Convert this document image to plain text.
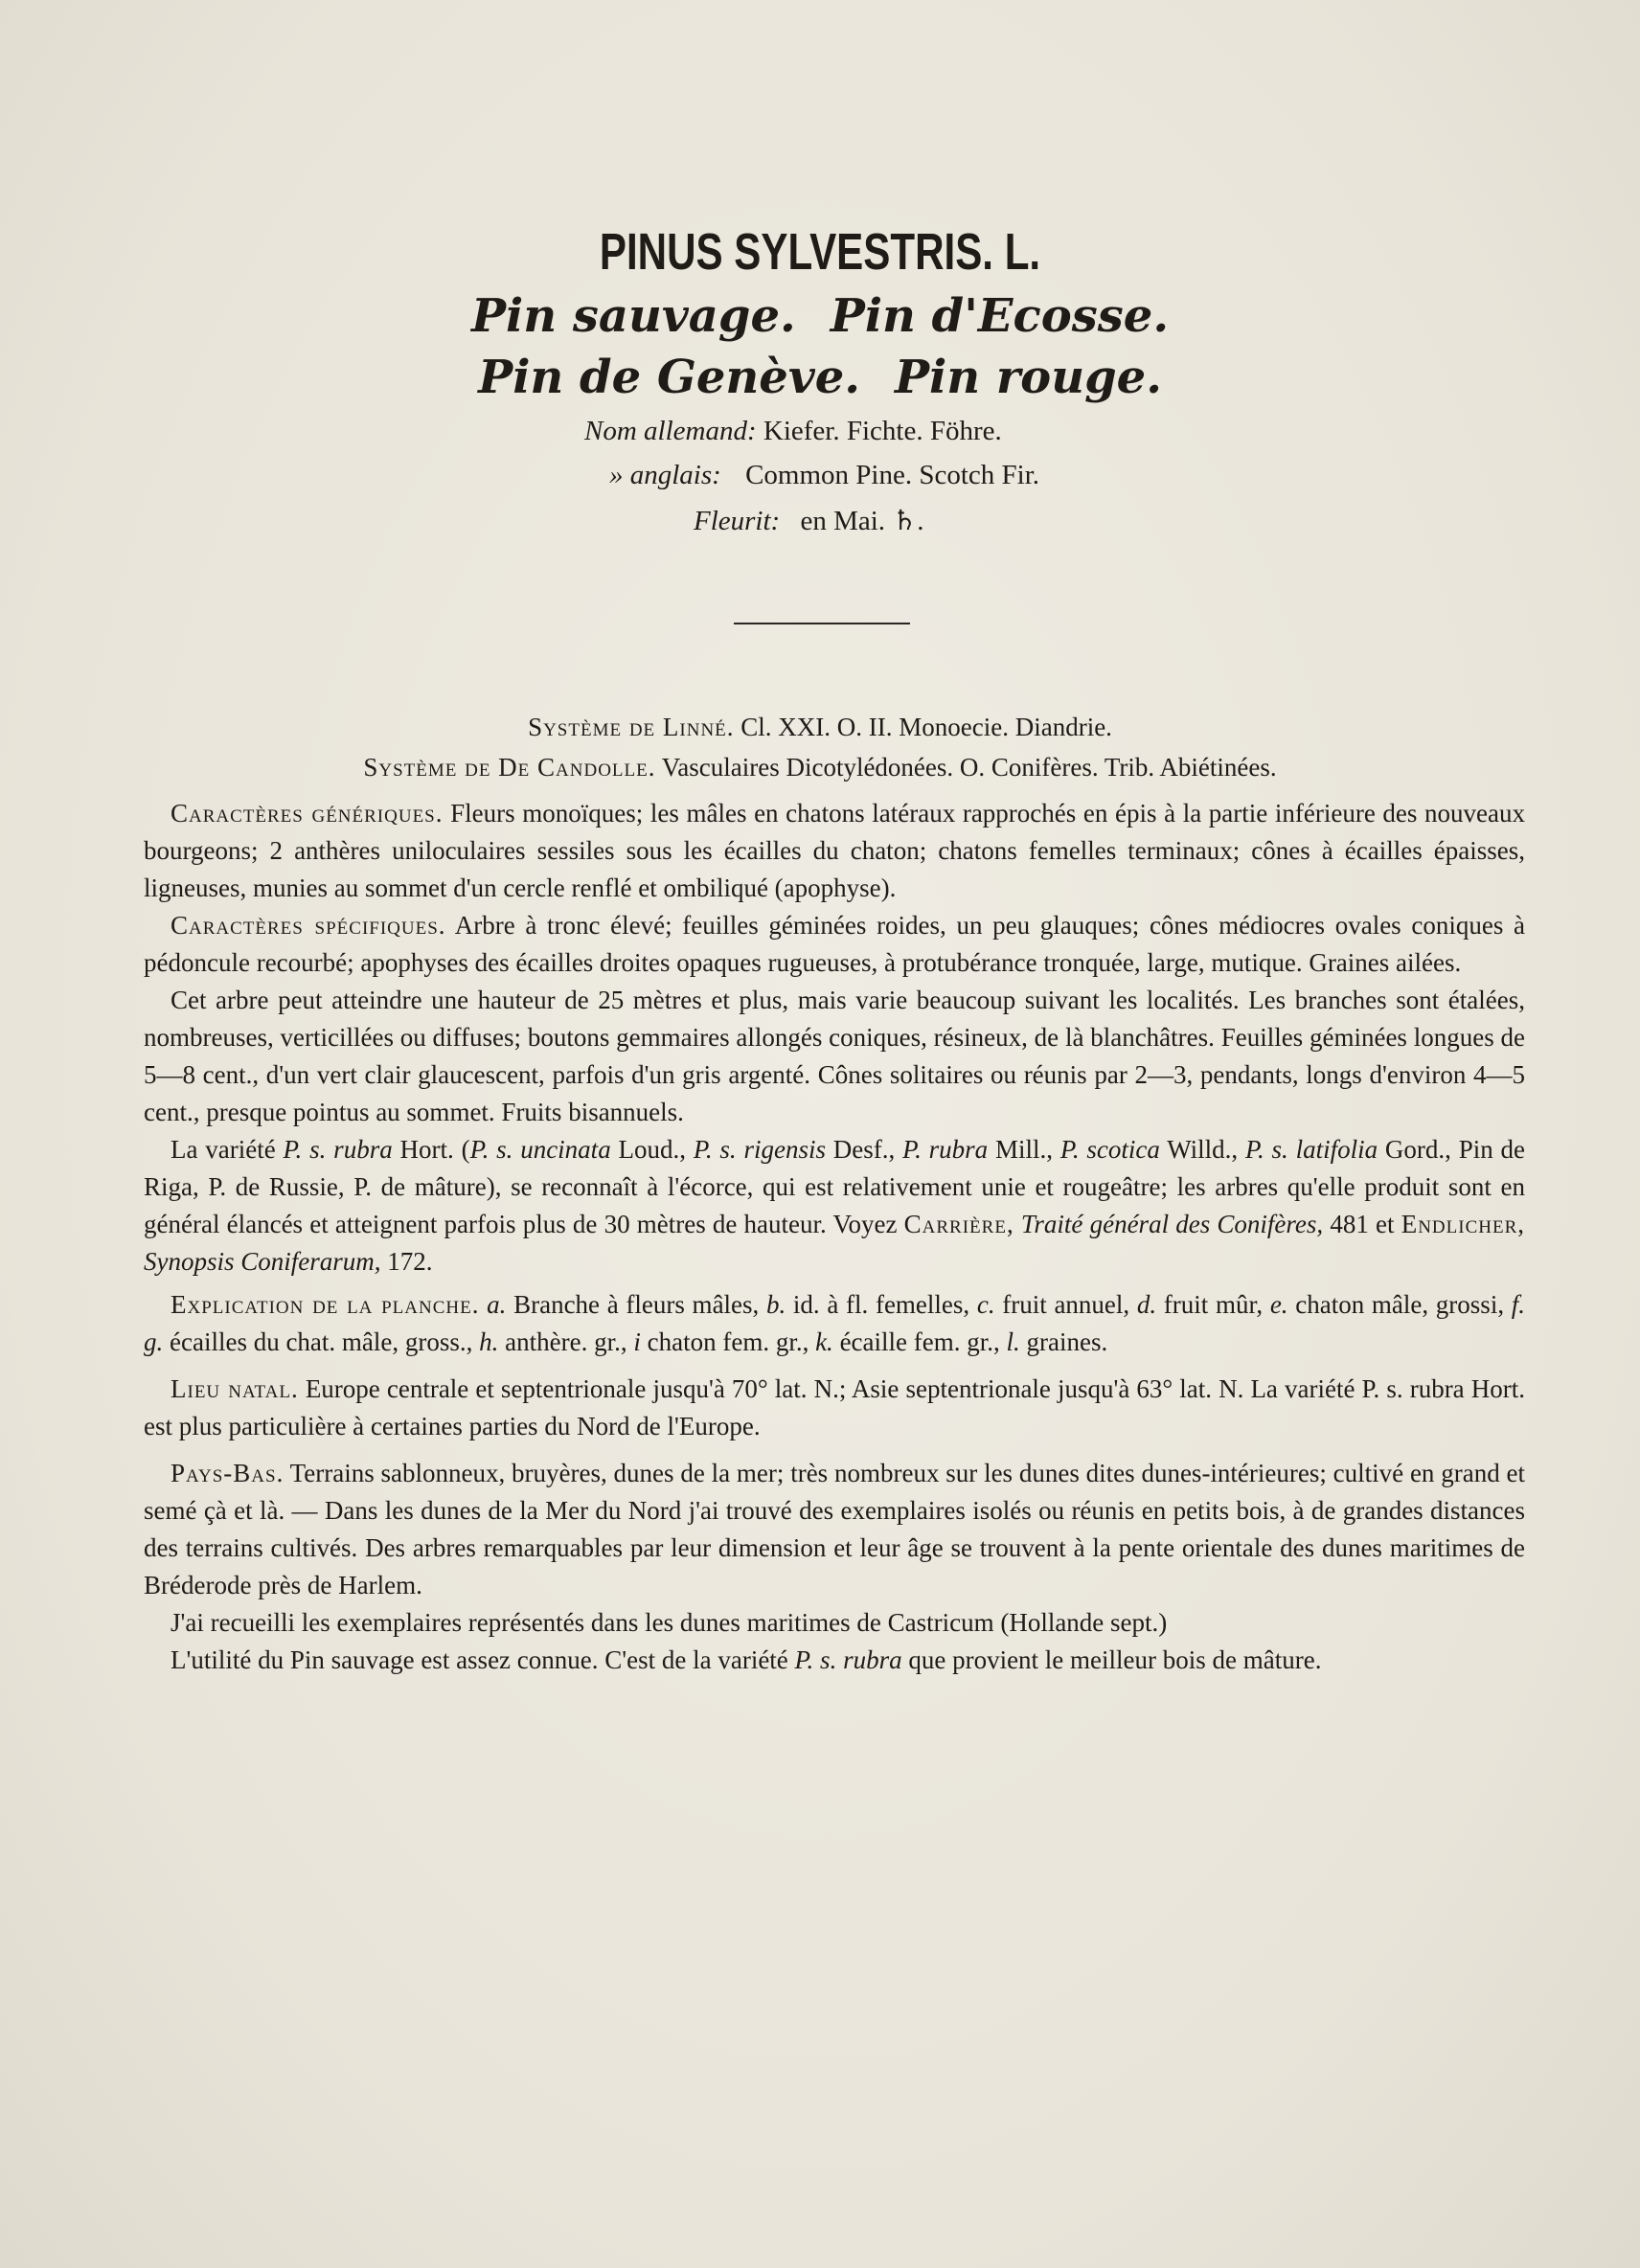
PINUS SYLVESTRIS. L.
Pin sauvage. Pin d'Ecosse.
Pin de Genève. Pin rouge.
Nom allemand: Kiefer. Fichte. Föhre.
» anglais: Common Pine. Scotch Fir.
Fleurit: en Mai. ♄.
Système de Linné. Cl. XXI. O. II. Monoecie. Diandrie.
Système de De Candolle. Vasculaires Dicotylédonées. O. Conifères. Trib. Abiétinées.

Caractères génériques. Fleurs monoïques; les mâles en chatons latéraux rapprochés en épis à la partie inférieure des nouveaux bourgeons; 2 anthères uniloculaires sessiles sous les écailles du chaton; chatons femelles terminaux; cônes à écailles épaisses, ligneuses, munies au sommet d'un cercle renflé et ombiliqué (apophyse).

Caractères spécifiques. Arbre à tronc élevé; feuilles géminées roides, un peu glauques; cônes médiocres ovales coniques à pédoncule recourbé; apophyses des écailles droites opaques rugueuses, à protubérance tronquée, large, mutique. Graines ailées.

Cet arbre peut atteindre une hauteur de 25 mètres et plus, mais varie beaucoup suivant les localités. Les branches sont étalées, nombreuses, verticillées ou diffuses; boutons gemmaires allongés coniques, résineux, de là blanchâtres. Feuilles géminées longues de 5—8 cent., d'un vert clair glaucescent, parfois d'un gris argenté. Cônes solitaires ou réunis par 2—3, pendants, longs d'environ 4—5 cent., presque pointus au sommet. Fruits bisannuels.

La variété P. s. rubra Hort. (P. s. uncinata Loud., P. s. rigensis Desf., P. rubra Mill., P. scotica Willd., P. s. latifolia Gord., Pin de Riga, P. de Russie, P. de mâture), se reconnaît à l'écorce, qui est relativement unie et rougeâtre; les arbres qu'elle produit sont en général élancés et atteignent parfois plus de 30 mètres de hauteur. Voyez Carrière, Traité général des Conifères, 481 et Endlicher, Synopsis Coniferarum, 172.

Explication de la planche. a. Branche à fleurs mâles, b. id. à fl. femelles, c. fruit annuel, d. fruit mûr, e. chaton mâle, grossi, f. g. écailles du chat. mâle, gross., h. anthère. gr., i chaton fem. gr., k. écaille fem. gr., l. graines.

Lieu natal. Europe centrale et septentrionale jusqu'à 70° lat. N.; Asie septentrionale jusqu'à 63° lat. N. La variété P. s. rubra Hort. est plus particulière à certaines parties du Nord de l'Europe.

Pays-Bas. Terrains sablonneux, bruyères, dunes de la mer; très nombreux sur les dunes dites dunes-intérieures; cultivé en grand et semé çà et là. — Dans les dunes de la Mer du Nord j'ai trouvé des exemplaires isolés ou réunis en petits bois, à de grandes distances des terrains cultivés. Des arbres remarquables par leur dimension et leur âge se trouvent à la pente orientale des dunes maritimes de Bréderode près de Harlem.

J'ai recueilli les exemplaires représentés dans les dunes maritimes de Castricum (Hollande sept.)

L'utilité du Pin sauvage est assez connue. C'est de la variété P. s. rubra que provient le meilleur bois de mâture.
